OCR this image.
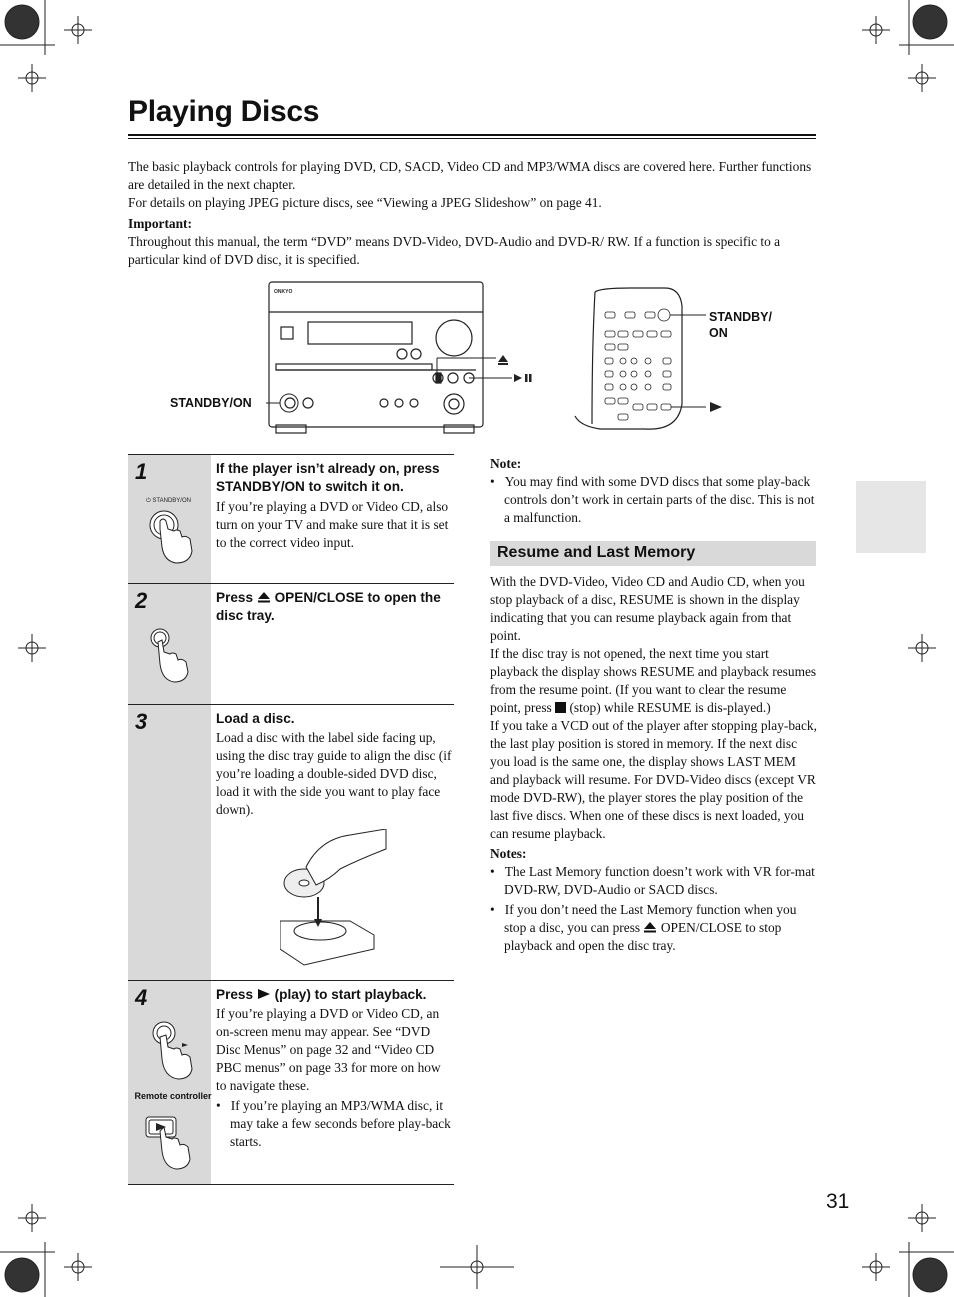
Playing Discs

The basic playback controls for playing DVD, CD, SACD, Video CD and MP3/WMA discs are covered here. Further functions are detailed in the next chapter.

For details on playing JPEG picture discs, see “Viewing a JPEG Slideshow” on page 41.

Important:

Throughout this manual, the term “DVD” means DVD-Video, DVD-Audio and DVD-R/ RW. If a function is specific to a particular kind of DVD disc, it is specified.

ONKYO
STANDBY/ON
STANDBY/
ON
1
⏻ STANDBY/ON
If the player isn’t already on, press STANDBY/ON to switch it on.
If you’re playing a DVD or Video CD, also turn on your TV and make sure that it is set to the correct video input.
2	Press OPEN/CLOSE to open the disc tray.
3	Load a disc.
Load a disc with the label side facing up, using the disc tray guide to align the disc (if you’re loading a double-sided DVD disc, load it with the side you want to play face down).
4
Remote controller
Press (play) to start playback.

If you’re playing a DVD or Video CD, an on-screen menu may appear. See “DVD Disc Menus” on page 32 and “Video CD PBC menus” on page 33 for more on how to navigate these.

•   If you’re playing an MP3/WMA disc, it may take a few seconds before play-back starts.

Note:

•   You may find with some DVD discs that some play-back controls don’t work in certain parts of the disc. This is not a malfunction.

Resume and Last Memory

With the DVD-Video, Video CD and Audio CD, when you stop playback of a disc, RESUME is shown in the display indicating that you can resume playback again from that point.

If the disc tray is not opened, the next time you start playback the display shows RESUME and playback resumes from the resume point. (If you want to clear the resume point, press (stop) while RESUME is dis-played.)

If you take a VCD out of the player after stopping play-back, the last play position is stored in memory. If the next disc you load is the same one, the display shows LAST MEM and playback will resume. For DVD-Video discs (except VR mode DVD-RW), the player stores the play position of the last five discs. When one of these discs is next loaded, you can resume playback.

Notes:

•   The Last Memory function doesn’t work with VR for-mat DVD-RW, DVD-Audio or SACD discs.

•   If you don’t need the Last Memory function when you stop a disc, you can press OPEN/CLOSE to stop playback and open the disc tray.

31
